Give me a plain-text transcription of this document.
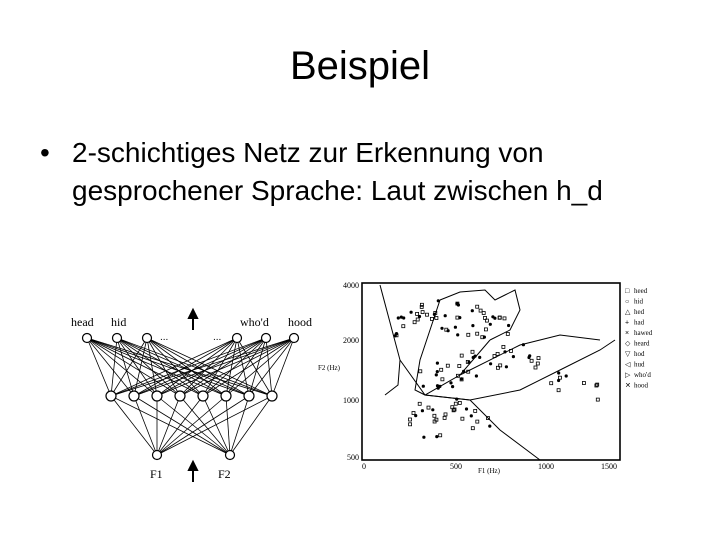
Beispiel
• 2-schichtiges Netz zur Erkennung von gesprochener Sprache: Laut zwischen h_d
head hid
...	...
who'd hood
F1	F2
4000
2000
F2 (Hz)
1000
500
0	500 F1 (Hz)	1000	1500
□ heed
○ hid
△ hed
+ had
× hawed
◇ heard
▽ hod
◁ hud
▷ who'd
✕ hood
